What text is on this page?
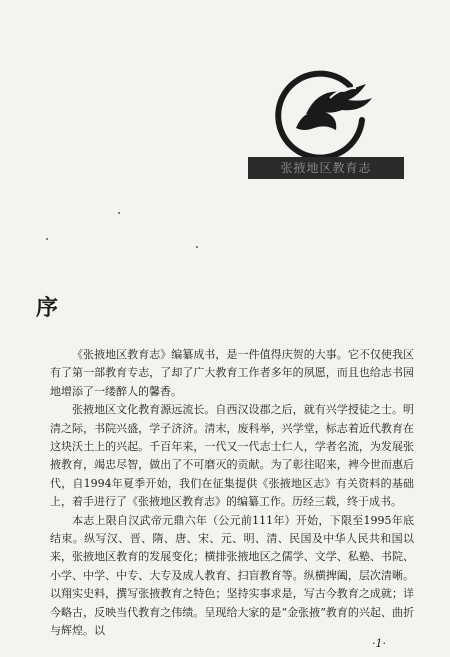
张掖地区教育志
序

《张掖地区教育志》编纂成书，是一件值得庆贺的大事。它不仅使我区有了第一部教育专志，了却了广大教育工作者多年的夙愿，而且也给志书园地增添了一缕醉人的馨香。

张掖地区文化教育源远流长。自西汉设郡之后，就有兴学授徒之士。明清之际，书院兴盛，学子济济。清末，废科举，兴学堂，标志着近代教育在这块沃土上的兴起。千百年来，一代又一代志士仁人，学者名流，为发展张掖教育，竭忠尽智，做出了不可磨灭的贡献。为了彰往昭来，裨今世而惠后代，自1994年夏季开始，我们在征集提供《张掖地区志》有关资料的基础上，着手进行了《张掖地区教育志》的编纂工作。历经三载，终于成书。

本志上限自汉武帝元鼎六年（公元前111年）开始，下限至1995年底结束。纵写汉、晋、隋、唐、宋、元、明、清、民国及中华人民共和国以来，张掖地区教育的发展变化；横排张掖地区之儒学、文学、私塾、书院、小学、中学、中专、大专及成人教育、扫盲教育等。纵横捭阖，层次清晰。以翔实史料，撰写张掖教育之特色；坚持实事求是，写古今教育之成就；详今略古，反映当代教育之伟绩。呈现给大家的是“金张掖”教育的兴起、曲折与辉煌。以

·1·
